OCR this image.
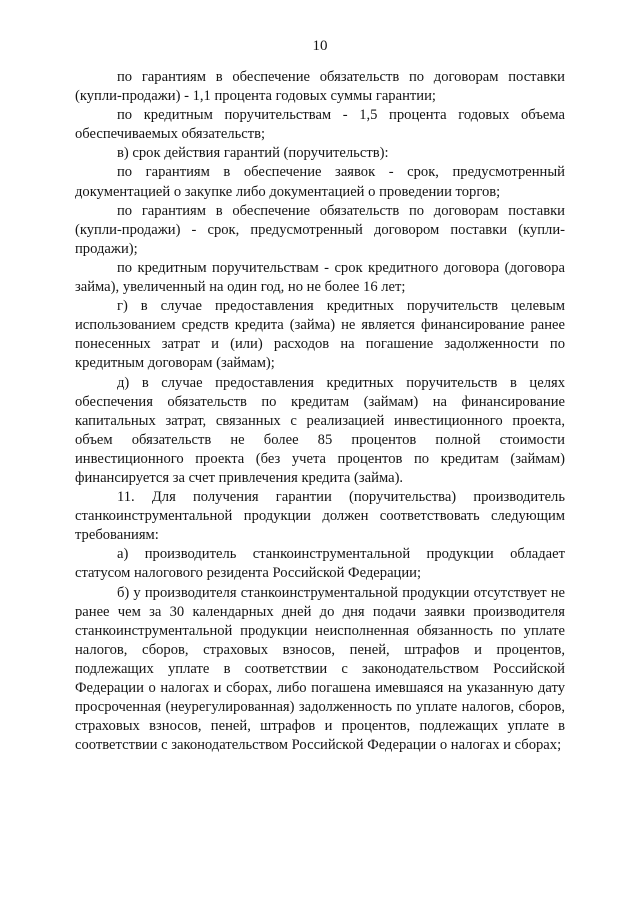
10

по гарантиям в обеспечение обязательств по договорам поставки (купли-продажи) - 1,1 процента годовых суммы гарантии;

по кредитным поручительствам - 1,5 процента годовых объема обеспечиваемых обязательств;

в) срок действия гарантий (поручительств):

по гарантиям в обеспечение заявок - срок, предусмотренный документацией о закупке либо документацией о проведении торгов;

по гарантиям в обеспечение обязательств по договорам поставки (купли-продажи) - срок, предусмотренный договором поставки (купли-продажи);

по кредитным поручительствам - срок кредитного договора (договора займа), увеличенный на один год, но не более 16 лет;

г) в случае предоставления кредитных поручительств целевым использованием средств кредита (займа) не является финансирование ранее понесенных затрат и (или) расходов на погашение задолженности по кредитным договорам (займам);

д) в случае предоставления кредитных поручительств в целях обеспечения обязательств по кредитам (займам) на финансирование капитальных затрат, связанных с реализацией инвестиционного проекта, объем обязательств не более 85 процентов полной стоимости инвестиционного проекта (без учета процентов по кредитам (займам) финансируется за счет привлечения кредита (займа).

11. Для получения гарантии (поручительства) производитель станкоинструментальной продукции должен соответствовать следующим требованиям:

а) производитель станкоинструментальной продукции обладает статусом налогового резидента Российской Федерации;

б) у производителя станкоинструментальной продукции отсутствует не ранее чем за 30 календарных дней до дня подачи заявки производителя станкоинструментальной продукции неисполненная обязанность по уплате налогов, сборов, страховых взносов, пеней, штрафов и процентов, подлежащих уплате в соответствии с законодательством Российской Федерации о налогах и сборах, либо погашена имевшаяся на указанную дату просроченная (неурегулированная) задолженность по уплате налогов, сборов, страховых взносов, пеней, штрафов и процентов, подлежащих уплате в соответствии с законодательством Российской Федерации о налогах и сборах;
